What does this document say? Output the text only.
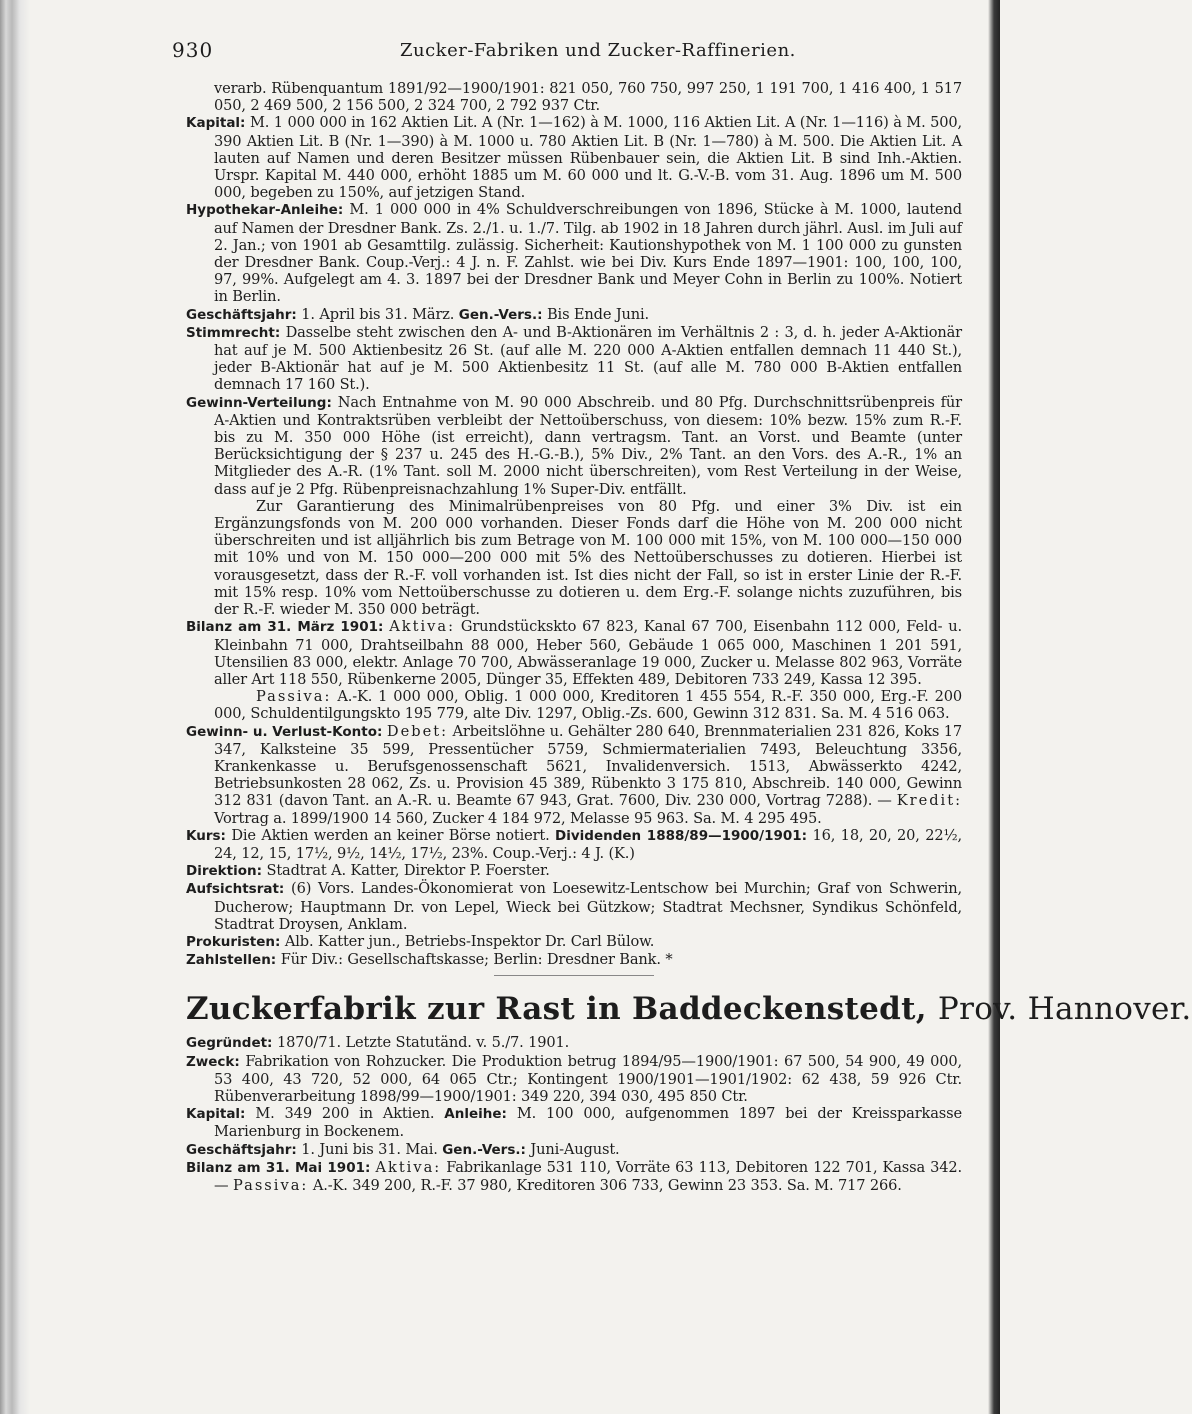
930	Zucker-Fabriken und Zucker-Raffinerien.

verarb. Rübenquantum 1891/92—1900/1901: 821 050, 760 750, 997 250, 1 191 700, 1 416 400, 1 517 050, 2 469 500, 2 156 500, 2 324 700, 2 792 937 Ctr.

Kapital: M. 1 000 000 in 162 Aktien Lit. A (Nr. 1—162) à M. 1000, 116 Aktien Lit. A (Nr. 1—116) à M. 500, 390 Aktien Lit. B (Nr. 1—390) à M. 1000 u. 780 Aktien Lit. B (Nr. 1—780) à M. 500. Die Aktien Lit. A lauten auf Namen und deren Besitzer müssen Rübenbauer sein, die Aktien Lit. B sind Inh.-Aktien. Urspr. Kapital M. 440 000, erhöht 1885 um M. 60 000 und lt. G.-V.-B. vom 31. Aug. 1896 um M. 500 000, begeben zu 150%, auf jetzigen Stand.

Hypothekar-Anleihe: M. 1 000 000 in 4% Schuldverschreibungen von 1896, Stücke à M. 1000, lautend auf Namen der Dresdner Bank. Zs. 2./1. u. 1./7. Tilg. ab 1902 in 18 Jahren durch jährl. Ausl. im Juli auf 2. Jan.; von 1901 ab Gesamttilg. zulässig. Sicherheit: Kautionshypothek von M. 1 100 000 zu gunsten der Dresdner Bank. Coup.-Verj.: 4 J. n. F. Zahlst. wie bei Div. Kurs Ende 1897—1901: 100, 100, 100, 97, 99%. Aufgelegt am 4. 3. 1897 bei der Dresdner Bank und Meyer Cohn in Berlin zu 100%. Notiert in Berlin.

Geschäftsjahr: 1. April bis 31. März. Gen.-Vers.: Bis Ende Juni.

Stimmrecht: Dasselbe steht zwischen den A- und B-Aktionären im Verhältnis 2 : 3, d. h. jeder A-Aktionär hat auf je M. 500 Aktienbesitz 26 St. (auf alle M. 220 000 A-Aktien entfallen demnach 11 440 St.), jeder B-Aktionär hat auf je M. 500 Aktienbesitz 11 St. (auf alle M. 780 000 B-Aktien entfallen demnach 17 160 St.).

Gewinn-Verteilung: Nach Entnahme von M. 90 000 Abschreib. und 80 Pfg. Durchschnittsrübenpreis für A-Aktien und Kontraktsrüben verbleibt der Nettoüberschuss, von diesem: 10% bezw. 15% zum R.-F. bis zu M. 350 000 Höhe (ist erreicht), dann vertragsm. Tant. an Vorst. und Beamte (unter Berücksichtigung der § 237 u. 245 des H.-G.-B.), 5% Div., 2% Tant. an den Vors. des A.-R., 1% an Mitglieder des A.-R. (1% Tant. soll M. 2000 nicht überschreiten), vom Rest Verteilung in der Weise, dass auf je 2 Pfg. Rübenpreisnachzahlung 1% Super-Div. entfällt.

Zur Garantierung des Minimalrübenpreises von 80 Pfg. und einer 3% Div. ist ein Ergänzungsfonds von M. 200 000 vorhanden. Dieser Fonds darf die Höhe von M. 200 000 nicht überschreiten und ist alljährlich bis zum Betrage von M. 100 000 mit 15%, von M. 100 000—150 000 mit 10% und von M. 150 000—200 000 mit 5% des Nettoüberschusses zu dotieren. Hierbei ist vorausgesetzt, dass der R.-F. voll vorhanden ist. Ist dies nicht der Fall, so ist in erster Linie der R.-F. mit 15% resp. 10% vom Nettoüberschusse zu dotieren u. dem Erg.-F. solange nichts zuzuführen, bis der R.-F. wieder M. 350 000 beträgt.

Bilanz am 31. März 1901: Aktiva: Grundstückskto 67 823, Kanal 67 700, Eisenbahn 112 000, Feld- u. Kleinbahn 71 000, Drahtseilbahn 88 000, Heber 560, Gebäude 1 065 000, Maschinen 1 201 591, Utensilien 83 000, elektr. Anlage 70 700, Abwässeranlage 19 000, Zucker u. Melasse 802 963, Vorräte aller Art 118 550, Rübenkerne 2005, Dünger 35, Effekten 489, Debitoren 733 249, Kassa 12 395.

Passiva: A.-K. 1 000 000, Oblig. 1 000 000, Kreditoren 1 455 554, R.-F. 350 000, Erg.-F. 200 000, Schuldentilgungskto 195 779, alte Div. 1297, Oblig.-Zs. 600, Gewinn 312 831. Sa. M. 4 516 063.

Gewinn- u. Verlust-Konto: Debet: Arbeitslöhne u. Gehälter 280 640, Brennmaterialien 231 826, Koks 17 347, Kalksteine 35 599, Pressentücher 5759, Schmiermaterialien 7493, Beleuchtung 3356, Krankenkasse u. Berufsgenossenschaft 5621, Invalidenversich. 1513, Abwässerkto 4242, Betriebsunkosten 28 062, Zs. u. Provision 45 389, Rübenkto 3 175 810, Abschreib. 140 000, Gewinn 312 831 (davon Tant. an A.-R. u. Beamte 67 943, Grat. 7600, Div. 230 000, Vortrag 7288). — Kredit: Vortrag a. 1899/1900 14 560, Zucker 4 184 972, Melasse 95 963. Sa. M. 4 295 495.

Kurs: Die Aktien werden an keiner Börse notiert. Dividenden 1888/89—1900/1901: 16, 18, 20, 20, 22½, 24, 12, 15, 17½, 9½, 14½, 17½, 23%. Coup.-Verj.: 4 J. (K.)

Direktion: Stadtrat A. Katter, Direktor P. Foerster.

Aufsichtsrat: (6) Vors. Landes-Ökonomierat von Loesewitz-Lentschow bei Murchin; Graf von Schwerin, Ducherow; Hauptmann Dr. von Lepel, Wieck bei Gützkow; Stadtrat Mechsner, Syndikus Schönfeld, Stadtrat Droysen, Anklam.

Prokuristen: Alb. Katter jun., Betriebs-Inspektor Dr. Carl Bülow.

Zahlstellen: Für Div.: Gesellschaftskasse; Berlin: Dresdner Bank. *

Zuckerfabrik zur Rast in Baddeckenstedt, Prov. Hannover.

Gegründet: 1870/71. Letzte Statutänd. v. 5./7. 1901.

Zweck: Fabrikation von Rohzucker. Die Produktion betrug 1894/95—1900/1901: 67 500, 54 900, 49 000, 53 400, 43 720, 52 000, 64 065 Ctr.; Kontingent 1900/1901—1901/1902: 62 438, 59 926 Ctr. Rübenverarbeitung 1898/99—1900/1901: 349 220, 394 030, 495 850 Ctr.

Kapital: M. 349 200 in Aktien. Anleihe: M. 100 000, aufgenommen 1897 bei der Kreissparkasse Marienburg in Bockenem.

Geschäftsjahr: 1. Juni bis 31. Mai. Gen.-Vers.: Juni-August.

Bilanz am 31. Mai 1901: Aktiva: Fabrikanlage 531 110, Vorräte 63 113, Debitoren 122 701, Kassa 342. — Passiva: A.-K. 349 200, R.-F. 37 980, Kreditoren 306 733, Gewinn 23 353. Sa. M. 717 266.
